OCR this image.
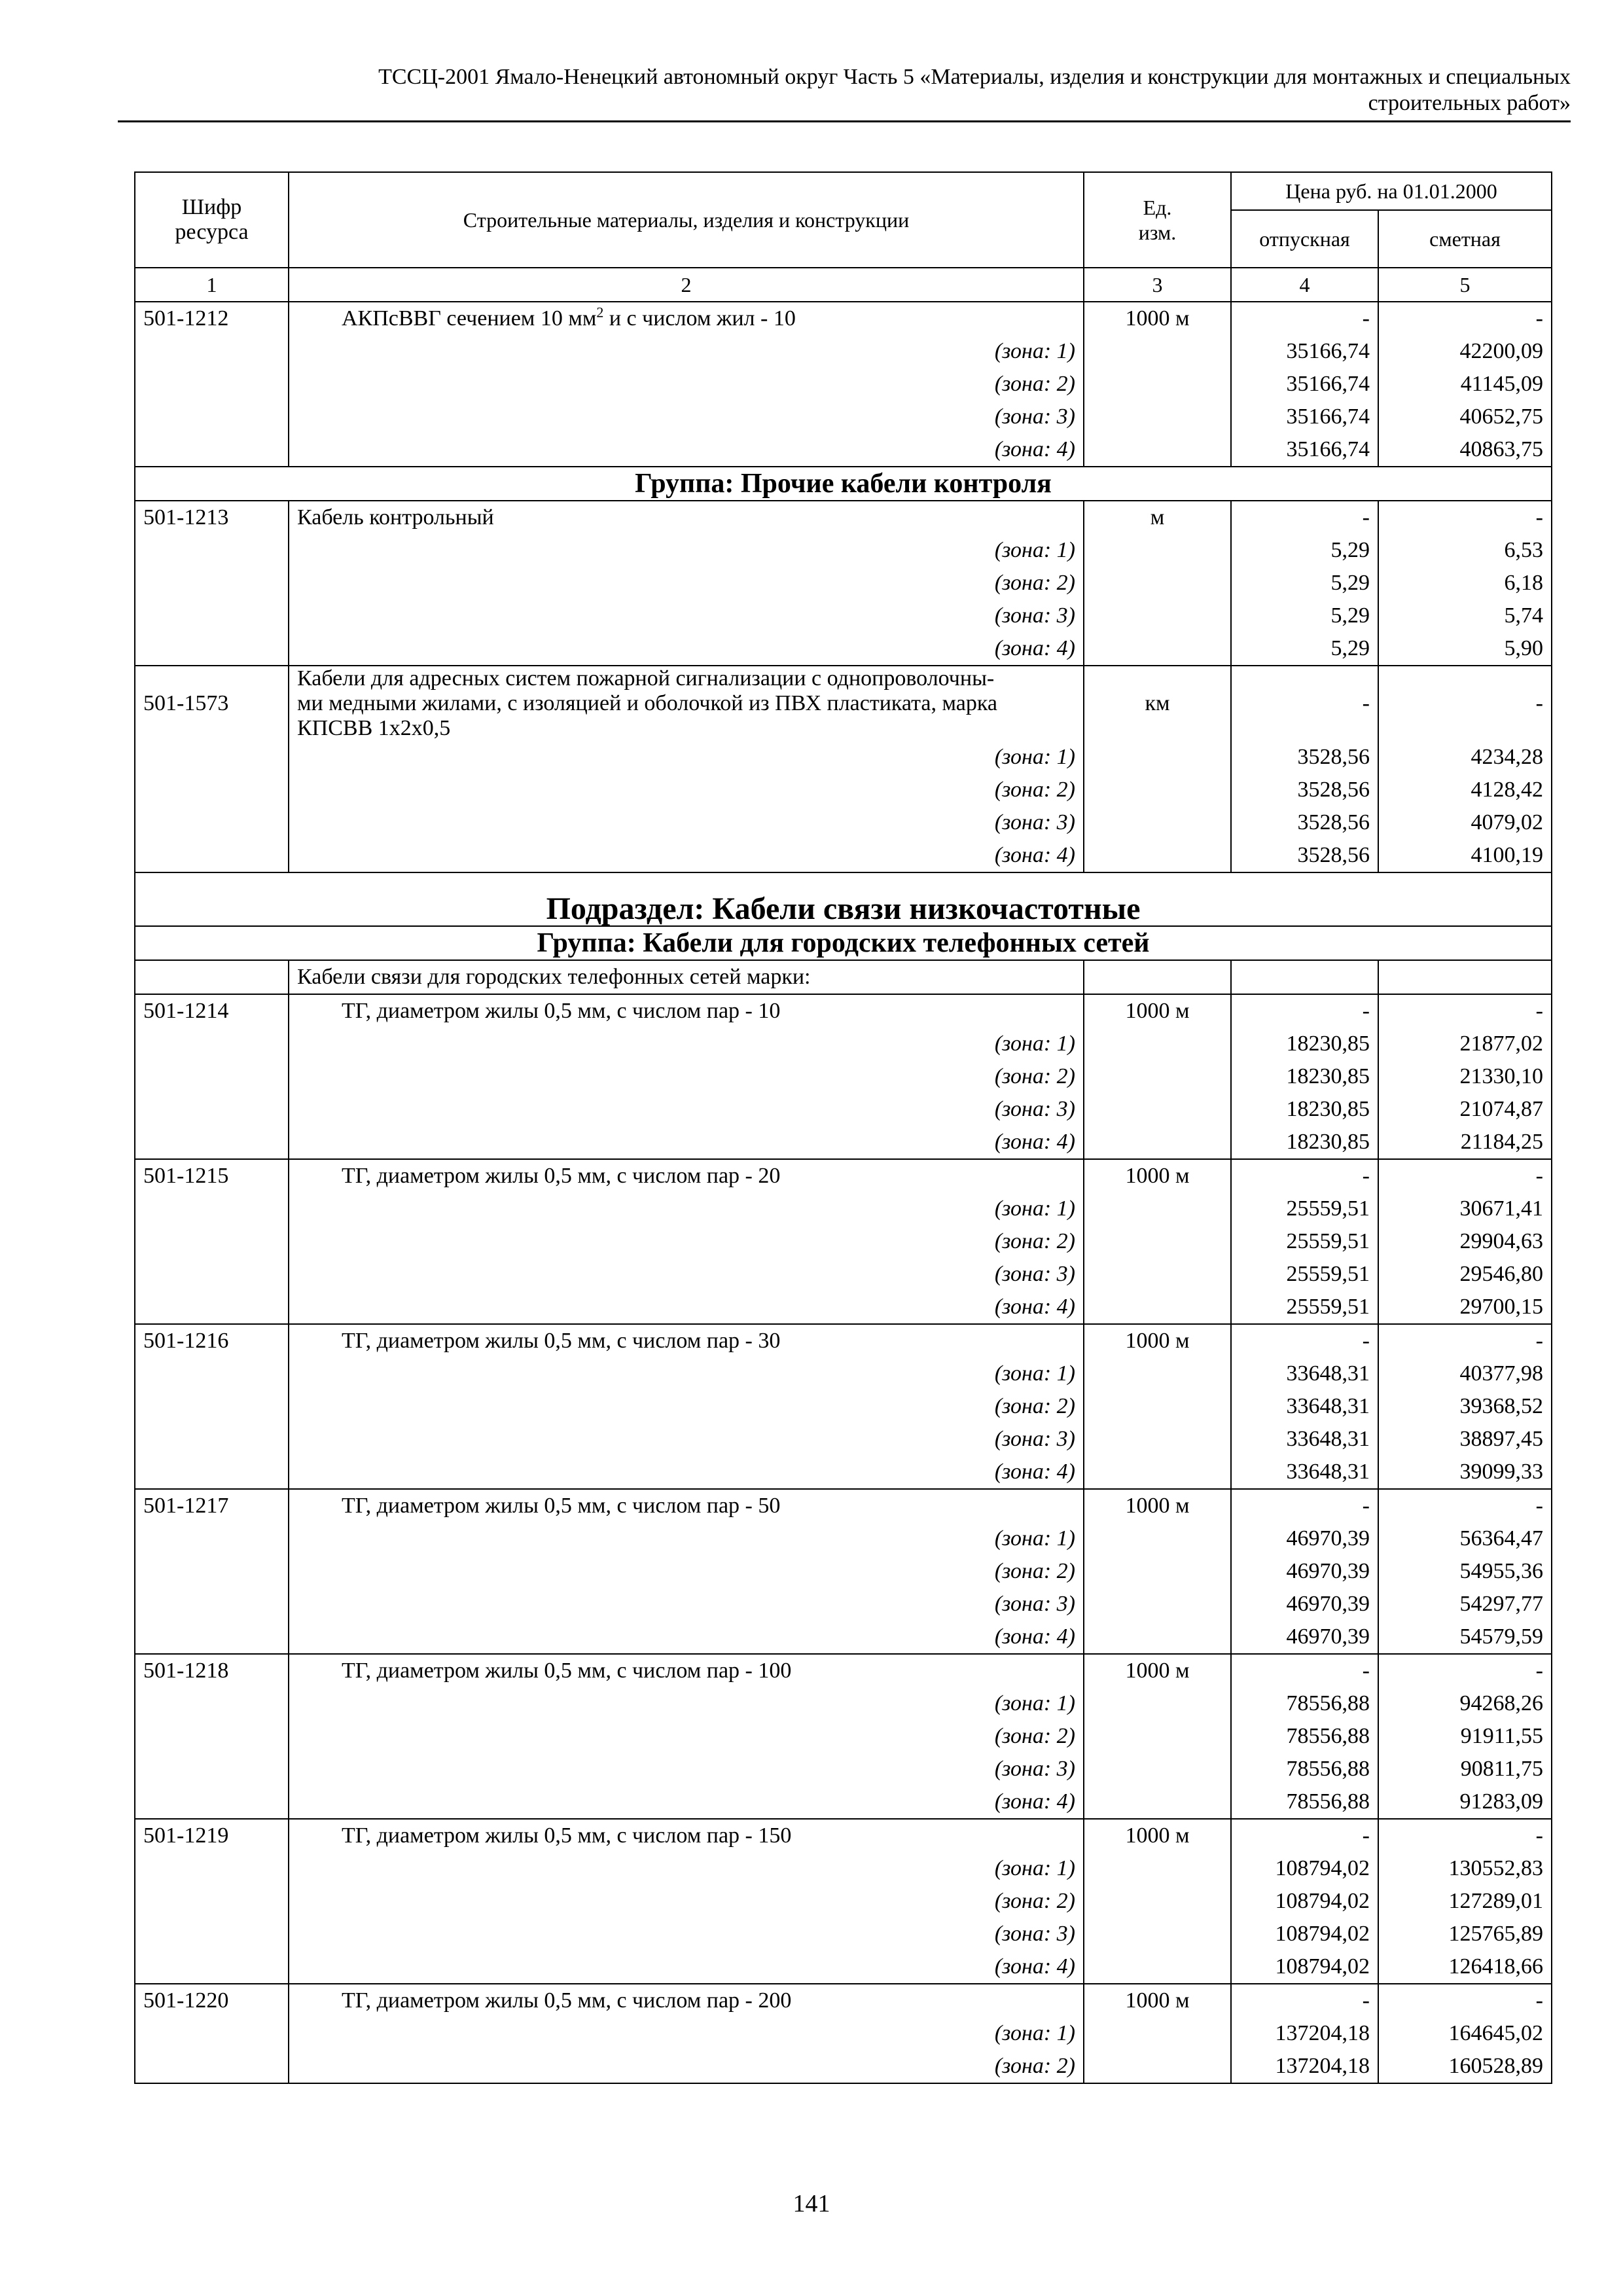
ТССЦ-2001 Ямало-Ненецкий автономный округ Часть 5 «Материалы, изделия и конструкции для монтажных и специальных
строительных работ»
Шифр ресурса	Строительные материалы, изделия и конструкции	Ед. изм.	Цена руб. на 01.01.2000	
			отпускная	сметная
1	2	3	4	5
501-1212	АКПсВВГ сечением 10 $мм^2$ и с числом жил - 10	1000 м	-	-
	(зона: 1)		35166,74	42200,09
	(зона: 2)		35166,74	41145,09
	(зона: 3)		35166,74	40652,75
	(зона: 4)		35166,74	40863,75
Группа: Прочие кабели контроля				
501-1213	Кабель контрольный	м	-	-
	(зона: 1)		5,29	6,53
	(зона: 2)		5,29	6,18
	(зона: 3)		5,29	5,74
	(зона: 4)		5,29	5,90
501-1573	Кабели для адресных систем пожарной сигнализации с однопроволочны-
ми медными жилами, с изоляцией и оболочкой из ПВХ пластиката, марка
КПСВВ 1х2х0,5	км	-	-
	(зона: 1)		3528,56	4234,28
	(зона: 2)		3528,56	4128,42
	(зона: 3)		3528,56	4079,02
	(зона: 4)		3528,56	4100,19
Подраздел: Кабели связи низкочастотные				
Группа: Кабели для городских телефонных сетей				
	Кабели связи для городских телефонных сетей марки:			
501-1214	ТГ, диаметром жилы 0,5 мм, с числом пар - 10	1000 м	-	-
	(зона: 1)		18230,85	21877,02
	(зона: 2)		18230,85	21330,10
	(зона: 3)		18230,85	21074,87
	(зона: 4)		18230,85	21184,25
501-1215	ТГ, диаметром жилы 0,5 мм, с числом пар - 20	1000 м	-	-
	(зона: 1)		25559,51	30671,41
	(зона: 2)		25559,51	29904,63
	(зона: 3)		25559,51	29546,80
	(зона: 4)		25559,51	29700,15
501-1216	ТГ, диаметром жилы 0,5 мм, с числом пар - 30	1000 м	-	-
	(зона: 1)		33648,31	40377,98
	(зона: 2)		33648,31	39368,52
	(зона: 3)		33648,31	38897,45
	(зона: 4)		33648,31	39099,33
501-1217	ТГ, диаметром жилы 0,5 мм, с числом пар - 50	1000 м	-	-
	(зона: 1)		46970,39	56364,47
	(зона: 2)		46970,39	54955,36
	(зона: 3)		46970,39	54297,77
	(зона: 4)		46970,39	54579,59
501-1218	ТГ, диаметром жилы 0,5 мм, с числом пар - 100	1000 м	-	-
	(зона: 1)		78556,88	94268,26
	(зона: 2)		78556,88	91911,55
	(зона: 3)		78556,88	90811,75
	(зона: 4)		78556,88	91283,09
501-1219	ТГ, диаметром жилы 0,5 мм, с числом пар - 150	1000 м	-	-
	(зона: 1)		108794,02	130552,83
	(зона: 2)		108794,02	127289,01
	(зона: 3)		108794,02	125765,89
	(зона: 4)		108794,02	126418,66
501-1220	ТГ, диаметром жилы 0,5 мм, с числом пар - 200	1000 м	-	-
	(зона: 1)		137204,18	164645,02
	(зона: 2)		137204,18	160528,89
141
